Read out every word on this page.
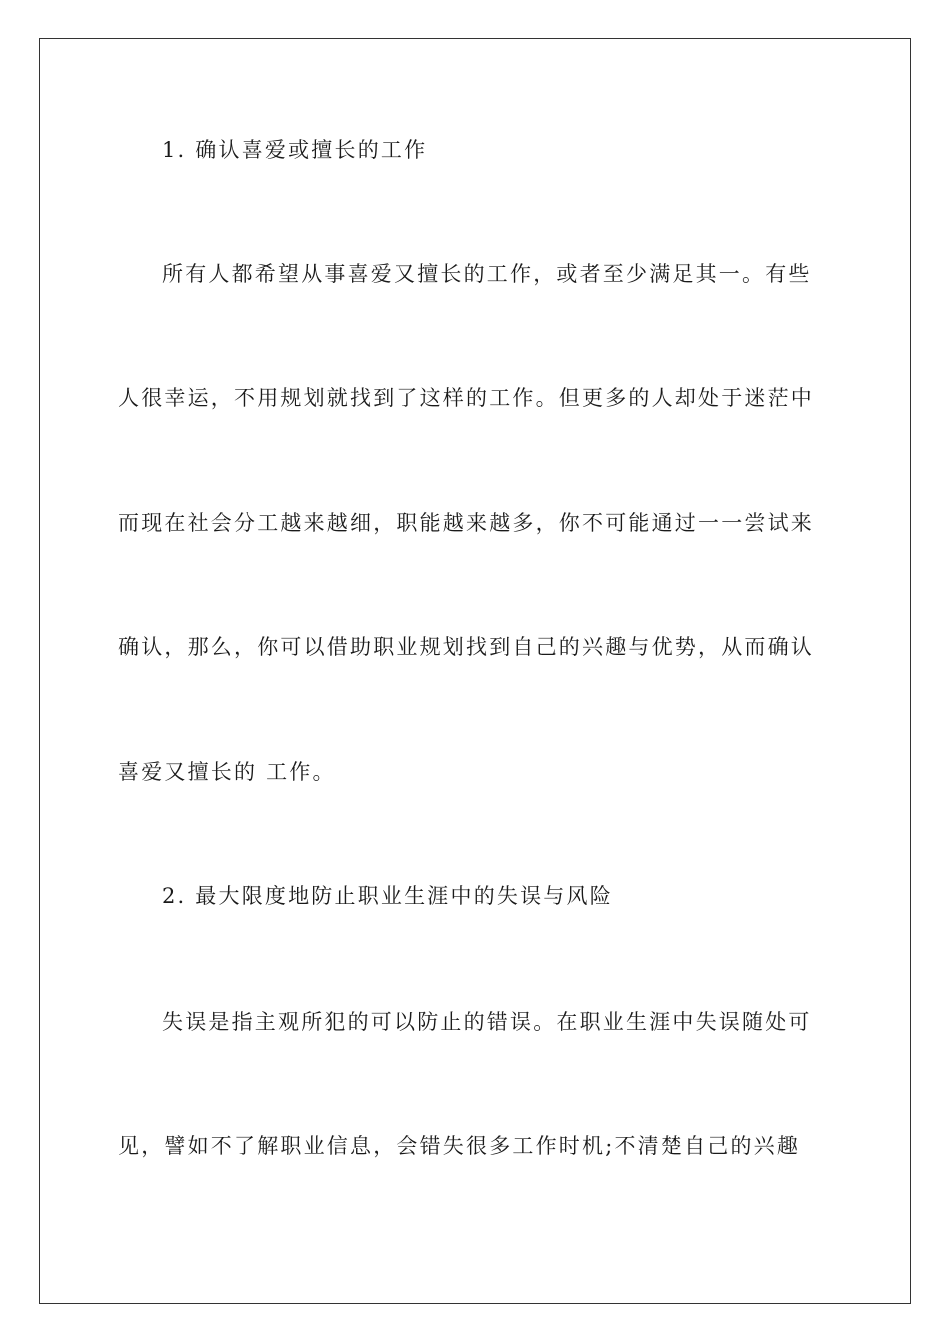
1. 确认喜爱或擅长的工作
所有人都希望从事喜爱又擅长的工作，或者至少满足其一。有些
人很幸运，不用规划就找到了这样的工作。但更多的人却处于迷茫中
而现在社会分工越来越细，职能越来越多，你不可能通过一一尝试来
确认，那么，你可以借助职业规划找到自己的兴趣与优势，从而确认
喜爱又擅长的 工作。
2. 最大限度地防止职业生涯中的失误与风险
失误是指主观所犯的可以防止的错误。在职业生涯中失误随处可
见，譬如不了解职业信息，会错失很多工作时机;不清楚自己的兴趣
